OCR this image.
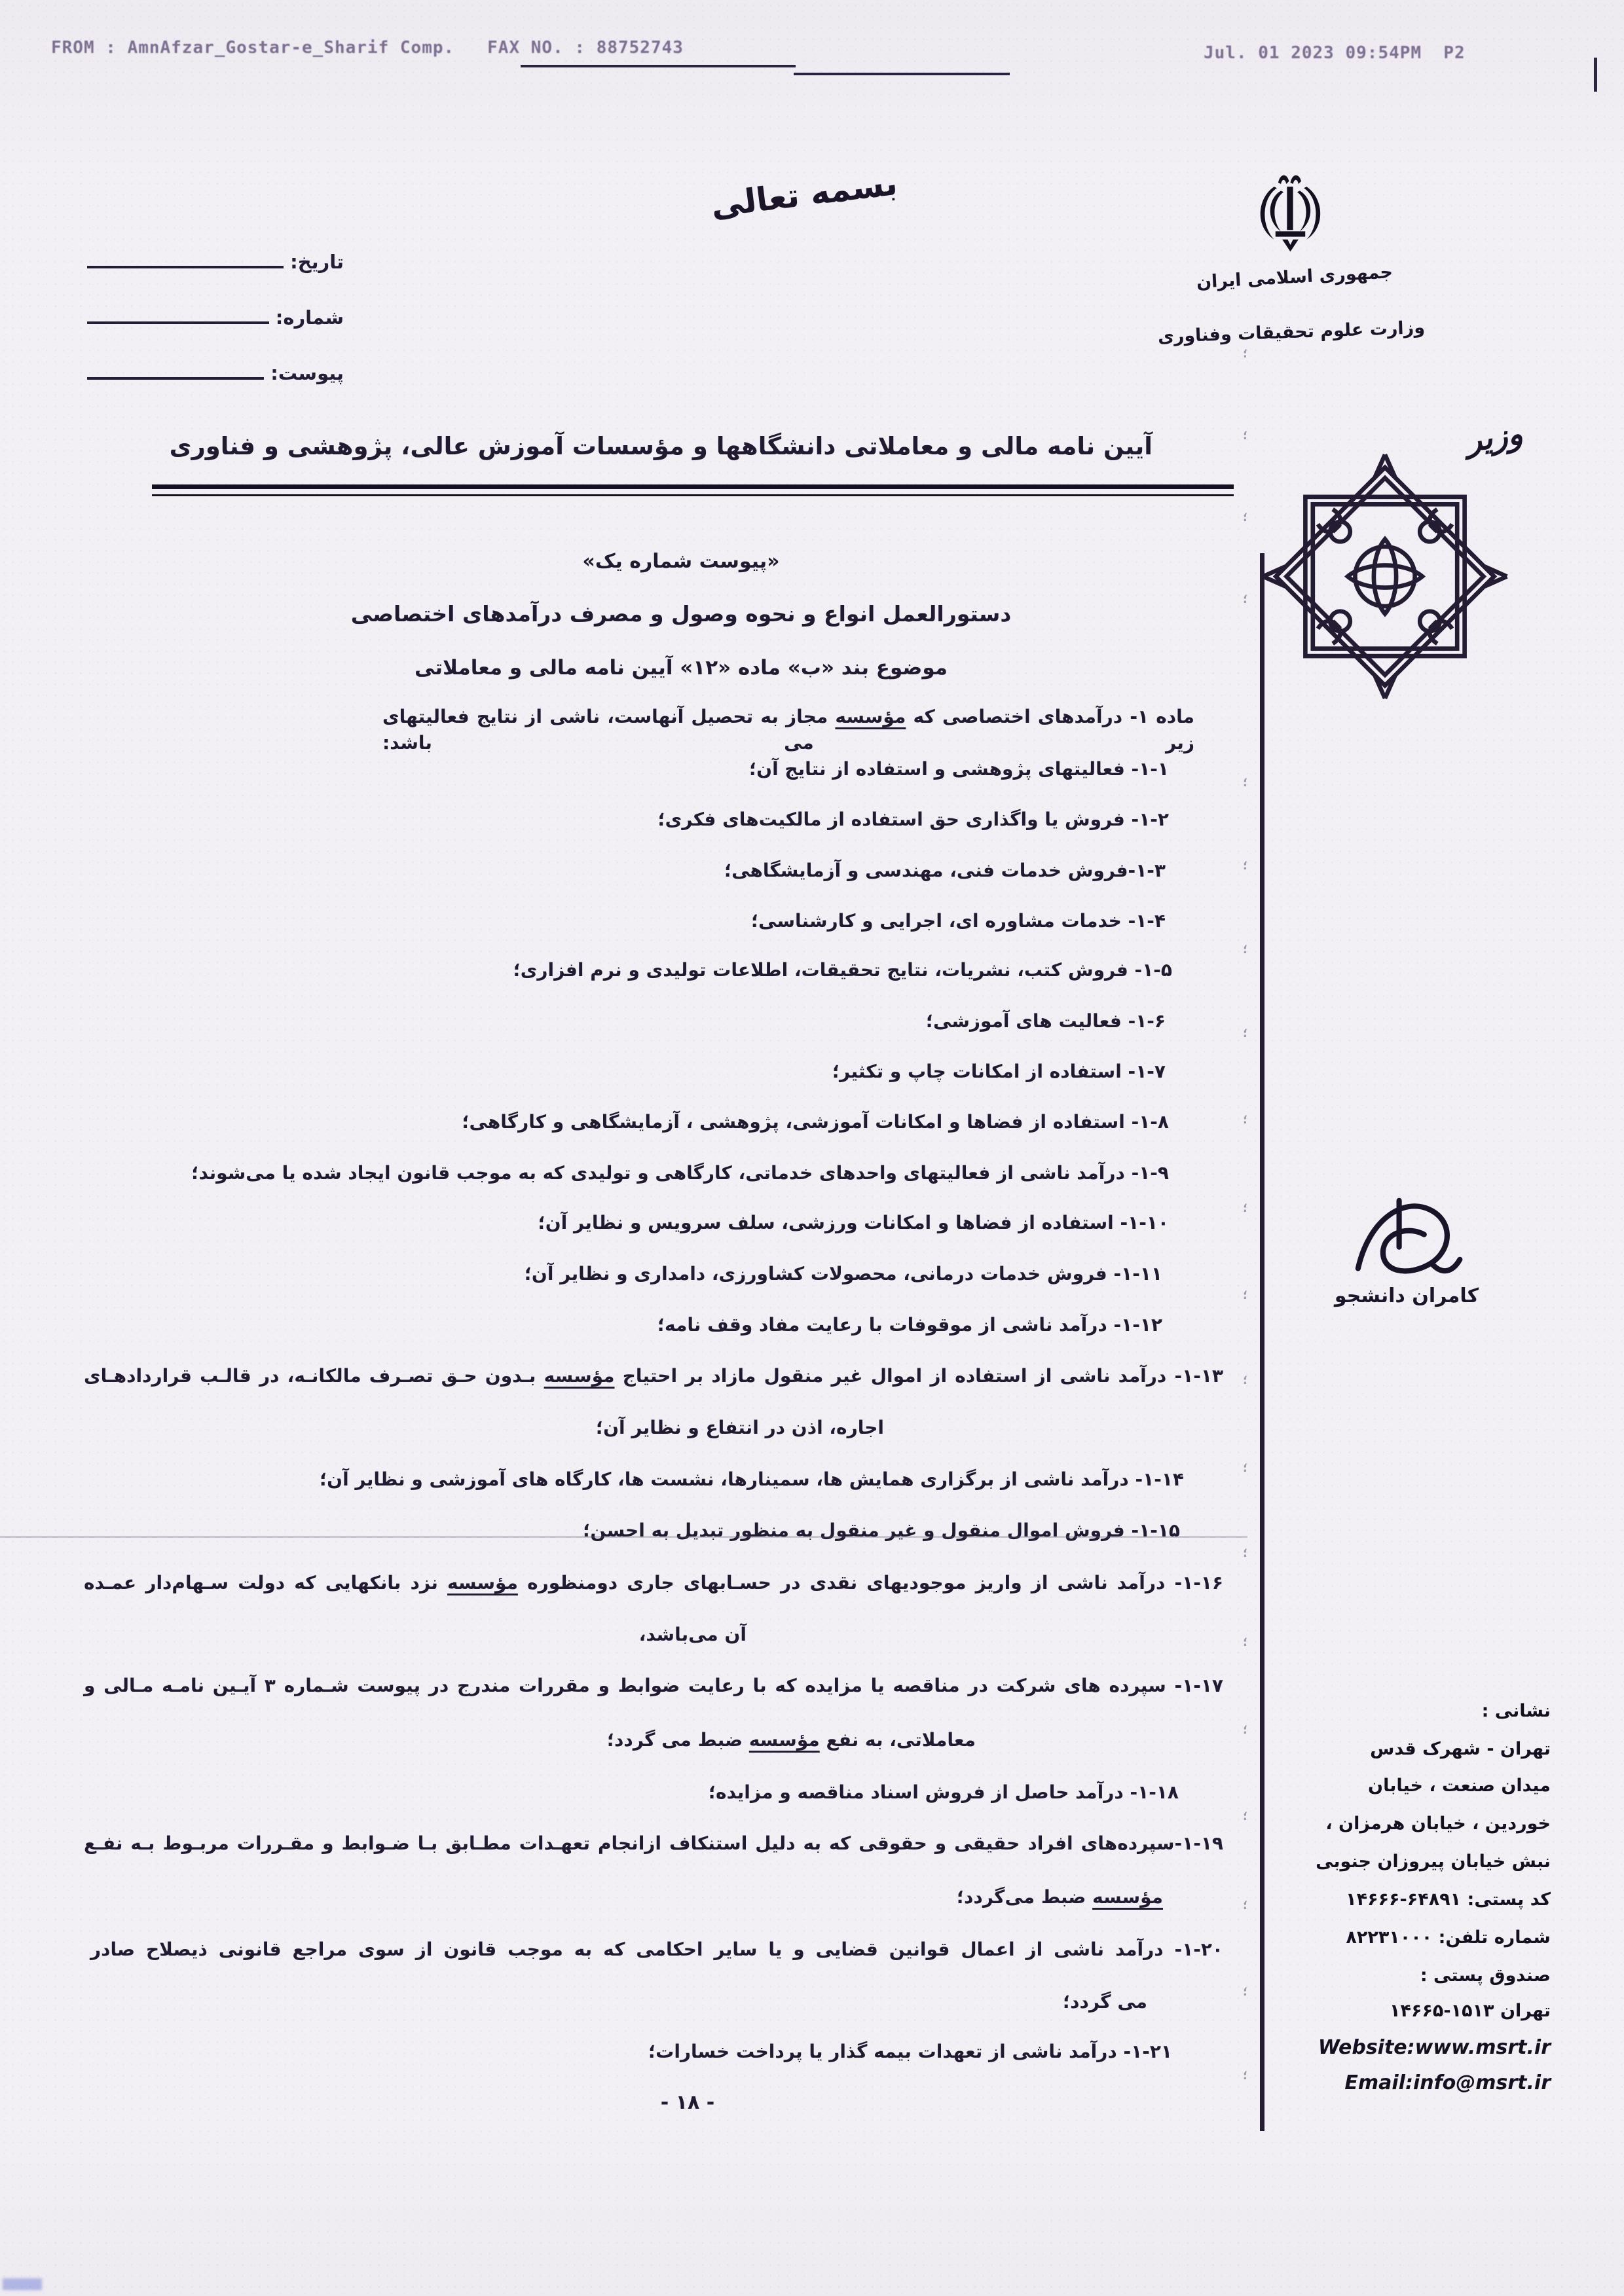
FROM : AmnAfzar_Gostar-e_Sharif Comp. FAX NO. : 88752743	Jul. 01 2023 09:54PM P2
بسمه تعالی
جمهوری اسلامی ایران
وزارت علوم تحقیقات وفناوری
وزیر
تاریخ:
شماره:
پیوست:
آیین نامه مالی و معاملاتی دانشگاهها و مؤسسات آموزش عالی، پژوهشی و فناوری
«پیوست شماره یک»
دستورالعمل انواع و نحوه وصول و مصرف درآمدهای اختصاصی
موضوع بند «ب» ماده «۱۲» آیین نامه مالی و معاملاتی
ماده ۱- درآمدهای اختصاصی که مؤسسه مجاز به تحصیل آنهاست، ناشی از نتایج فعالیتهای زیر می باشد:
۱-۱- فعالیتهای پژوهشی و استفاده از نتایج آن؛
۱-۲- فروش یا واگذاری حق استفاده از مالکیت‌های فکری؛
۱-۳-فروش خدمات فنی، مهندسی و آزمایشگاهی؛
۱-۴- خدمات مشاوره ای، اجرایی و کارشناسی؛
۱-۵- فروش کتب، نشریات، نتایج تحقیقات، اطلاعات تولیدی و نرم افزاری؛
۱-۶- فعالیت های آموزشی؛
۱-۷- استفاده از امکانات چاپ و تکثیر؛
۱-۸- استفاده از فضاها و امکانات آموزشی، پژوهشی ، آزمایشگاهی و کارگاهی؛
۱-۹- درآمد ناشی از فعالیتهای واحدهای خدماتی، کارگاهی و تولیدی که به موجب قانون ایجاد شده یا می‌شوند؛
۱-۱۰- استفاده از فضاها و امکانات ورزشی، سلف سرویس و نظایر آن؛
۱-۱۱- فروش خدمات درمانی، محصولات کشاورزی، دامداری و نظایر آن؛
۱-۱۲- درآمد ناشی از موقوفات با رعایت مفاد وقف نامه؛
۱-۱۳- درآمد ناشی از استفاده از اموال غیر منقول مازاد بر احتیاج مؤسسه بـدون حـق تصـرف مالکانـه، در قالـب قراردادهـای
اجاره، اذن در انتفاع و نظایر آن؛
۱-۱۴- درآمد ناشی از برگزاری همایش ها، سمینارها، نشست ها، کارگاه های آموزشی و نظایر آن؛
۱-۱۵- فروش اموال منقول و غیر منقول به منظور تبدیل به احسن؛
۱-۱۶- درآمد ناشی از واریز موجودیهای نقدی در حسـابهای جاری دومنظوره مؤسسه نزد بانکهایی که دولت سـهام‌دار عمـده
آن می‌باشد،
۱-۱۷- سپرده های شرکت در مناقصه یا مزایده که با رعایت ضوابط و مقررات مندرج در پیوست شـماره ۳ آیـین نامـه مـالی و
معاملاتی، به نفع مؤسسه ضبط می گردد؛
۱-۱۸- درآمد حاصل از فروش اسناد مناقصه و مزایده؛
۱-۱۹-سپرده‌های افراد حقیقی و حقوقی که به دلیل استنکاف ازانجام تعهـدات مطـابق بـا ضـوابط و مقـررات مربـوط بـه نفـع
مؤسسه ضبط می‌گردد؛
۱-۲۰- درآمد ناشی از اعمال قوانین قضایی و یا سایر احکامی که به موجب قانون از سوی مراجع قانونی ذیصلاح صادر
می گردد؛
۱-۲۱- درآمد ناشی از تعهدات بیمه گذار یا پرداخت خسارات؛
- ۱۸ -
کامران دانشجو
نشانی :
تهران - شهرک قدس
میدان صنعت ، خیابان
خوردین ، خیابان هرمزان ،
نبش خیابان پیروزان جنوبی
کد پستی: ۱۴۶۶۶-۶۴۸۹۱
شماره تلفن: ۸۲۲۳۱۰۰۰
صندوق پستی :
تهران ۱۴۶۶۵-۱۵۱۳
Website:www.msrt.ir
Email:info@msrt.ir
؛
؛
؛
؛
؛
؛
؛
؛
؛
؛
؛
؛
؛
؛
؛
؛
؛
؛
؛
؛
